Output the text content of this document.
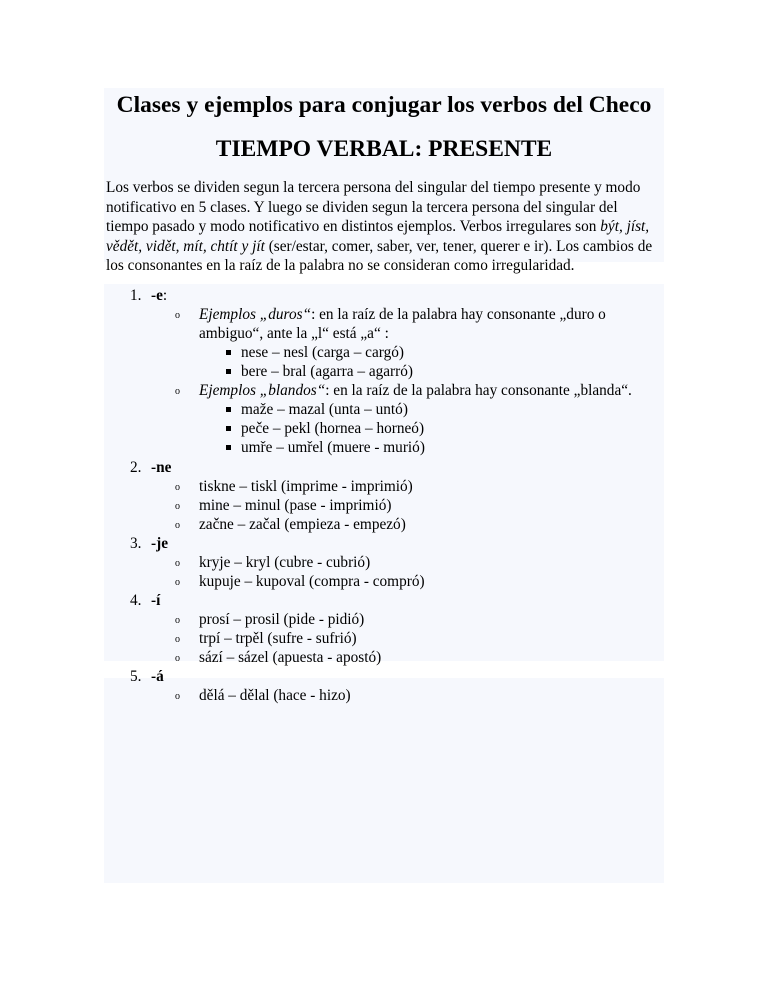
Clases y ejemplos para conjugar los verbos del Checo
TIEMPO VERBAL: PRESENTE
Los verbos se dividen segun la tercera persona del singular del tiempo presente y modo notificativo en 5 clases. Y luego se dividen segun la tercera persona del singular del tiempo pasado y modo notificativo en distintos ejemplos. Verbos irregulares son být, jíst, vědět, vidět, mít, chtít y jít (ser/estar, comer, saber, ver, tener, querer e ir). Los cambios de los consonantes en la raíz de la palabra no se consideran como irregularidad.
1. -e:
o Ejemplos „duros“: en la raíz de la palabra hay consonante „duro o
ambiguo“, ante la „l“ está „a“ :
nese – nesl (carga – cargó)
bere – bral (agarra – agarró)
o Ejemplos „blandos“: en la raíz de la palabra hay consonante „blanda“.
maže – mazal (unta – untó)
peče – pekl (hornea – horneó)
umře – umřel (muere - murió)
2. -ne
o tiskne – tiskl (imprime - imprimió)
o mine – minul (pase - imprimió)
o začne – začal (empieza - empezó)
3. -je
o kryje – kryl (cubre - cubrió)
o kupuje – kupoval (compra - compró)
4. -í
o prosí – prosil (pide - pidió)
o trpí – trpěl (sufre - sufrió)
o sází – sázel (apuesta - apostó)
5. -á
o dělá – dělal (hace - hizo)
